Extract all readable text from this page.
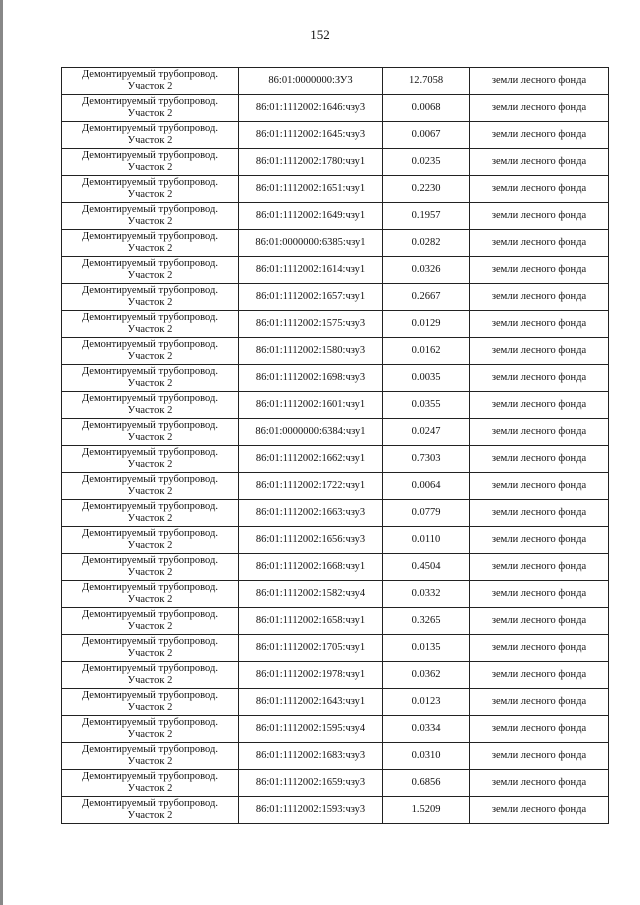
152
Демонтируемый трубопровод.
Участок 2	86:01:0000000:ЗУ3	12.7058	земли лесного фонда

Демонтируемый трубопровод.
Участок 2	86:01:1112002:1646:чзу3	0.0068	земли лесного фонда

Демонтируемый трубопровод.
Участок 2	86:01:1112002:1645:чзу3	0.0067	земли лесного фонда

Демонтируемый трубопровод.
Участок 2	86:01:1112002:1780:чзу1	0.0235	земли лесного фонда

Демонтируемый трубопровод.
Участок 2	86:01:1112002:1651:чзу1	0.2230	земли лесного фонда

Демонтируемый трубопровод.
Участок 2	86:01:1112002:1649:чзу1	0.1957	земли лесного фонда

Демонтируемый трубопровод.
Участок 2	86:01:0000000:6385:чзу1	0.0282	земли лесного фонда

Демонтируемый трубопровод.
Участок 2	86:01:1112002:1614:чзу1	0.0326	земли лесного фонда

Демонтируемый трубопровод.
Участок 2	86:01:1112002:1657:чзу1	0.2667	земли лесного фонда

Демонтируемый трубопровод.
Участок 2	86:01:1112002:1575:чзу3	0.0129	земли лесного фонда

Демонтируемый трубопровод.
Участок 2	86:01:1112002:1580:чзу3	0.0162	земли лесного фонда

Демонтируемый трубопровод.
Участок 2	86:01:1112002:1698:чзу3	0.0035	земли лесного фонда

Демонтируемый трубопровод.
Участок 2	86:01:1112002:1601:чзу1	0.0355	земли лесного фонда

Демонтируемый трубопровод.
Участок 2	86:01:0000000:6384:чзу1	0.0247	земли лесного фонда

Демонтируемый трубопровод.
Участок 2	86:01:1112002:1662:чзу1	0.7303	земли лесного фонда

Демонтируемый трубопровод.
Участок 2	86:01:1112002:1722:чзу1	0.0064	земли лесного фонда

Демонтируемый трубопровод.
Участок 2	86:01:1112002:1663:чзу3	0.0779	земли лесного фонда

Демонтируемый трубопровод.
Участок 2	86:01:1112002:1656:чзу3	0.0110	земли лесного фонда

Демонтируемый трубопровод.
Участок 2	86:01:1112002:1668:чзу1	0.4504	земли лесного фонда

Демонтируемый трубопровод.
Участок 2	86:01:1112002:1582:чзу4	0.0332	земли лесного фонда

Демонтируемый трубопровод.
Участок 2	86:01:1112002:1658:чзу1	0.3265	земли лесного фонда

Демонтируемый трубопровод.
Участок 2	86:01:1112002:1705:чзу1	0.0135	земли лесного фонда

Демонтируемый трубопровод.
Участок 2	86:01:1112002:1978:чзу1	0.0362	земли лесного фонда

Демонтируемый трубопровод.
Участок 2	86:01:1112002:1643:чзу1	0.0123	земли лесного фонда

Демонтируемый трубопровод.
Участок 2	86:01:1112002:1595:чзу4	0.0334	земли лесного фонда

Демонтируемый трубопровод.
Участок 2	86:01:1112002:1683:чзу3	0.0310	земли лесного фонда

Демонтируемый трубопровод.
Участок 2	86:01:1112002:1659:чзу3	0.6856	земли лесного фонда

Демонтируемый трубопровод.
Участок 2	86:01:1112002:1593:чзу3	1.5209	земли лесного фонда
